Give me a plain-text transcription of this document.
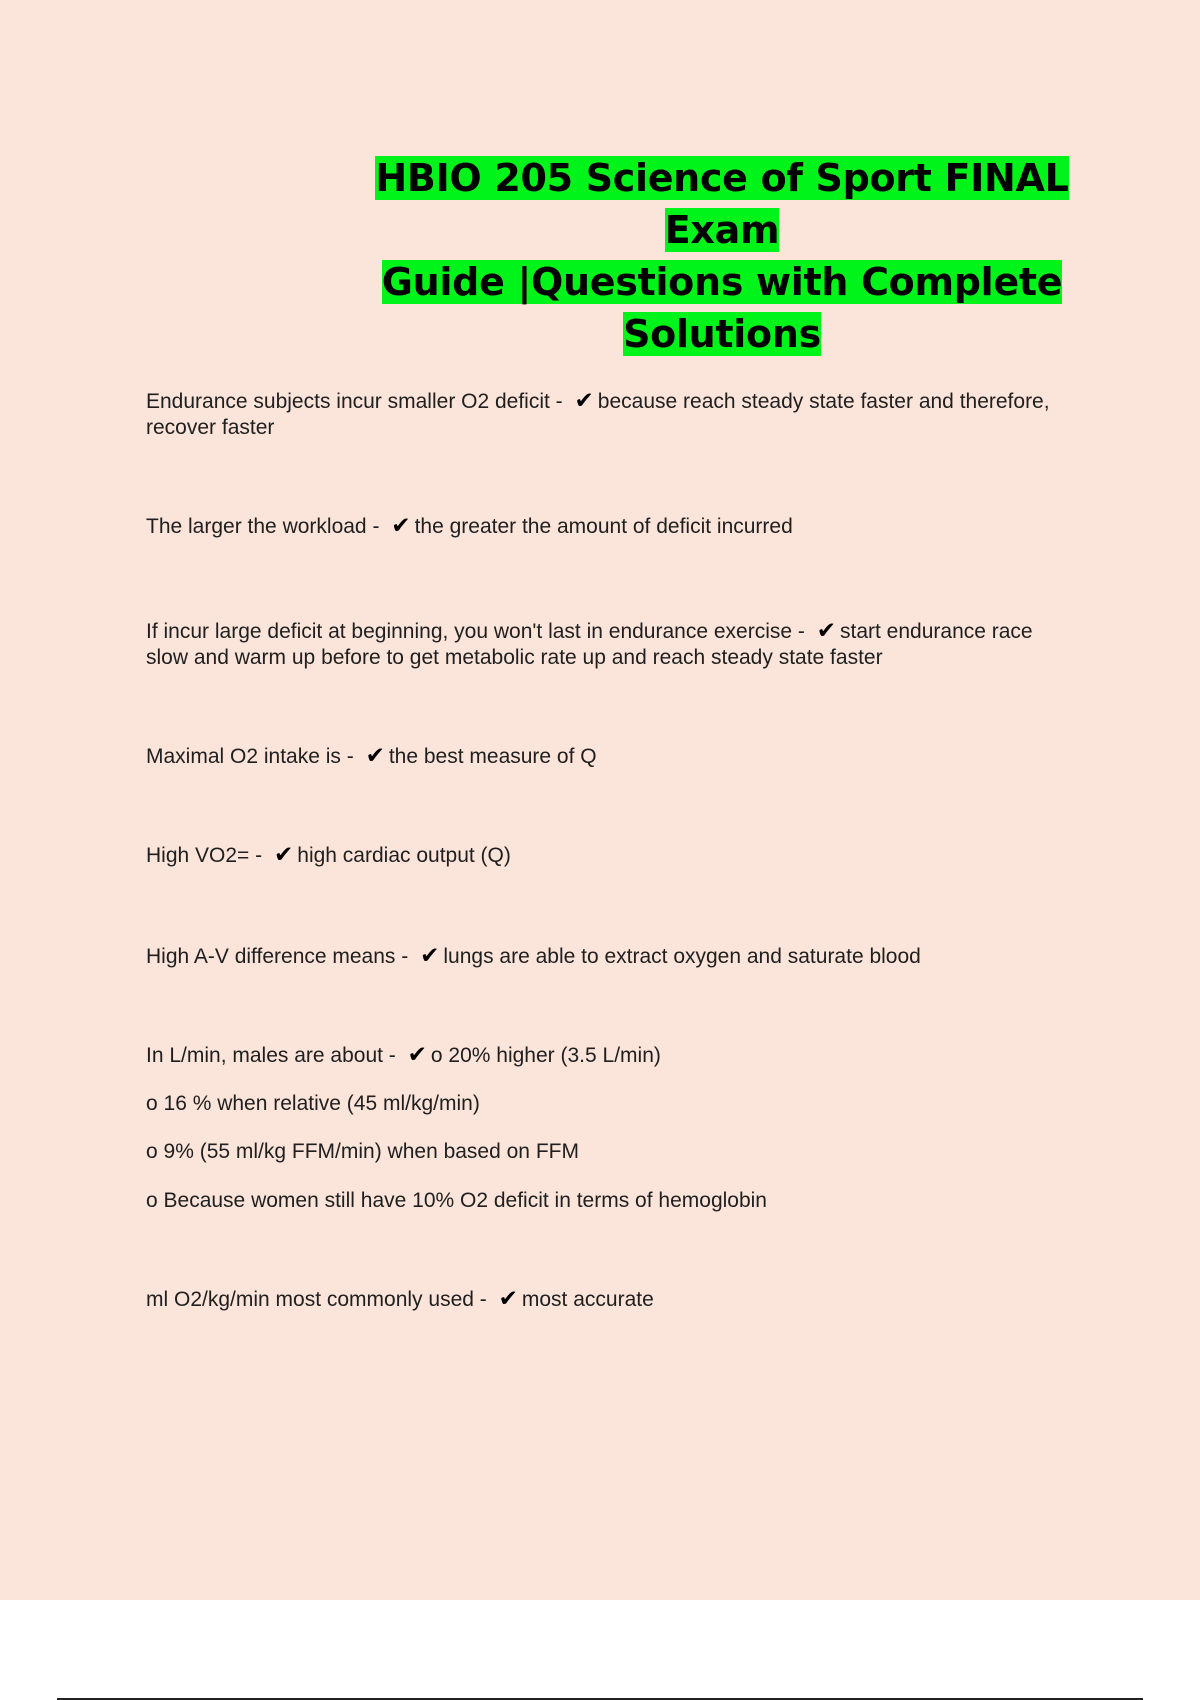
HBIO 205 Science of Sport FINAL Exam
Guide |Questions with Complete
Solutions
Endurance subjects incur smaller O2 deficit - ✔ because reach steady state faster and therefore, recover faster
The larger the workload - ✔ the greater the amount of deficit incurred
If incur large deficit at beginning, you won't last in endurance exercise - ✔ start endurance race slow and warm up before to get metabolic rate up and reach steady state faster
Maximal O2 intake is - ✔ the best measure of Q
High VO2= - ✔ high cardiac output (Q)
High A-V difference means - ✔ lungs are able to extract oxygen and saturate blood
In L/min, males are about - ✔ o 20% higher (3.5 L/min)
o 16 % when relative (45 ml/kg/min)
o 9% (55 ml/kg FFM/min) when based on FFM
o Because women still have 10% O2 deficit in terms of hemoglobin
ml O2/kg/min most commonly used - ✔ most accurate
